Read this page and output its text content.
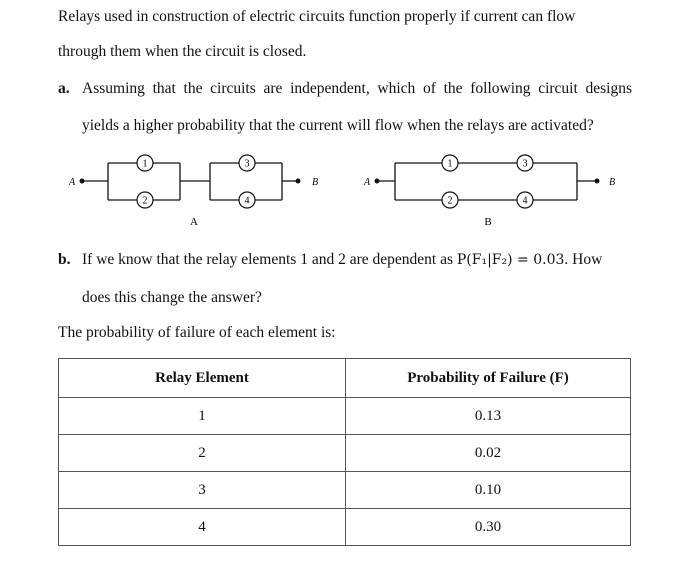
Relays used in construction of electric circuits function properly if current can flow
through them when the circuit is closed.
a. Assuming that the circuits are independent, which of the following circuit designs
yields a higher probability that the current will flow when the relays are activated?
A	B
1
2
3
4
A
A	B
1	3
2	4
B
b. If we know that the relay elements 1 and 2 are dependent as P(F₁|F₂) = 0.03. How
does this change the answer?
The probability of failure of each element is:
Relay Element	Probability of Failure (F)
1	0.13
2	0.02
3	0.10
4	0.30
